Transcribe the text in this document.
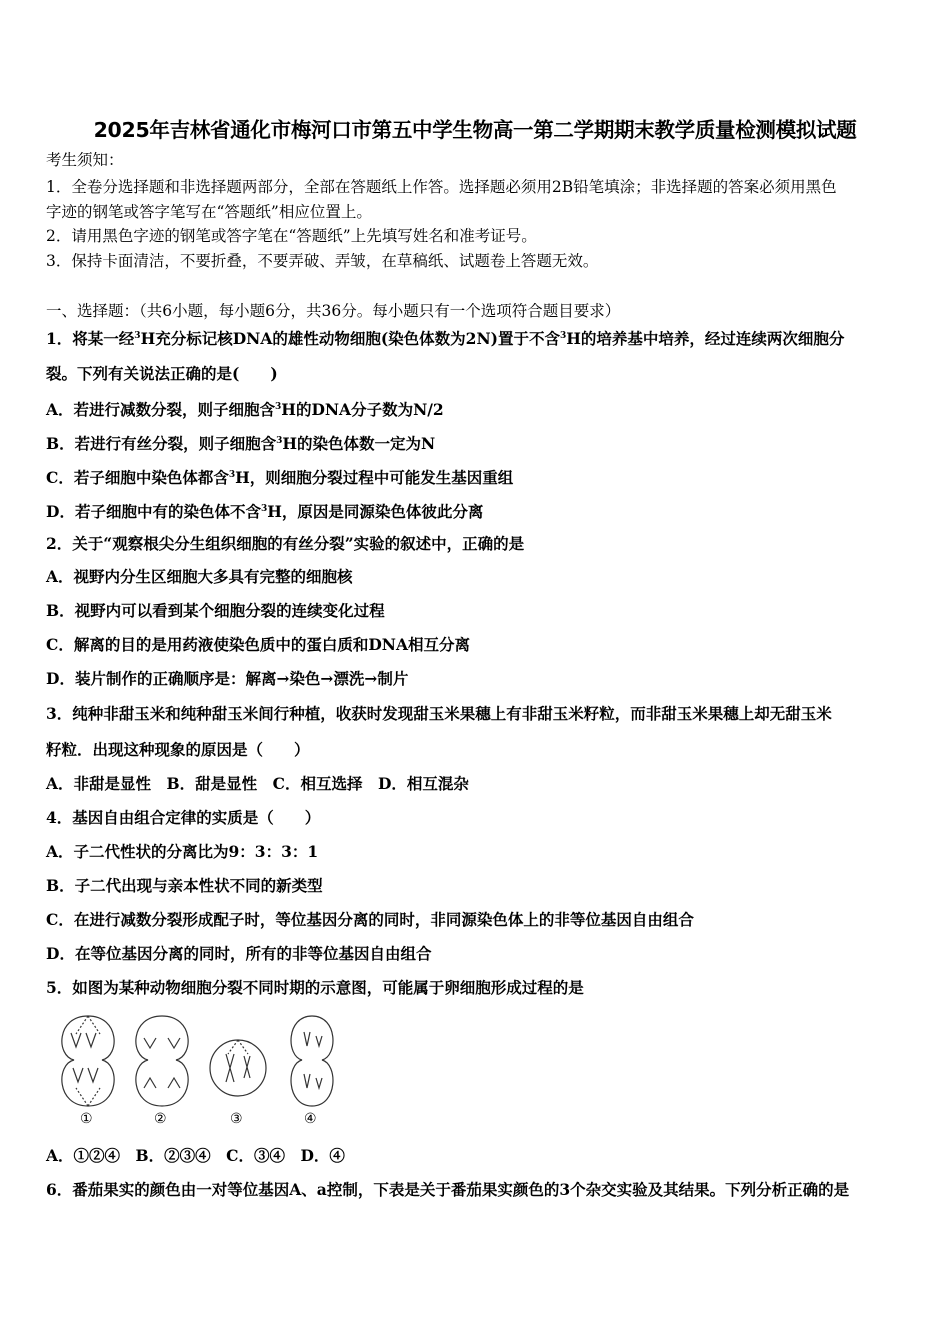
2025年吉林省通化市梅河口市第五中学生物高一第二学期期末教学质量检测模拟试题
考生须知：
1．全卷分选择题和非选择题两部分，全部在答题纸上作答。选择题必须用2B铅笔填涂；非选择题的答案必须用黑色
字迹的钢笔或答字笔写在“答题纸”相应位置上。
2．请用黑色字迹的钢笔或答字笔在“答题纸”上先填写姓名和准考证号。
3．保持卡面清洁，不要折叠，不要弄破、弄皱，在草稿纸、试题卷上答题无效。
一、选择题：（共6小题，每小题6分，共36分。每小题只有一个选项符合题目要求）
1．将某一经$^3$H充分标记核DNA的雄性动物细胞(染色体数为2N)置于不含$^3$H的培养基中培养，经过连续两次细胞分
裂。下列有关说法正确的是(　　)
A．若进行减数分裂，则子细胞含$^3$H的DNA分子数为N/2
B．若进行有丝分裂，则子细胞含$^3$H的染色体数一定为N
C．若子细胞中染色体都含$^3$H，则细胞分裂过程中可能发生基因重组
D．若子细胞中有的染色体不含$^3$H，原因是同源染色体彼此分离
2．关于“观察根尖分生组织细胞的有丝分裂”实验的叙述中，正确的是
A．视野内分生区细胞大多具有完整的细胞核
B．视野内可以看到某个细胞分裂的连续变化过程
C．解离的目的是用药液使染色质中的蛋白质和DNA相互分离
D．装片制作的正确顺序是：解离→染色→漂洗→制片
3．纯种非甜玉米和纯种甜玉米间行种植，收获时发现甜玉米果穗上有非甜玉米籽粒，而非甜玉米果穗上却无甜玉米
籽粒．出现这种现象的原因是（　　）
A．非甜是显性　B．甜是显性　C．相互选择　D．相互混杂
4．基因自由组合定律的实质是（　　）
A．子二代性状的分离比为9：3：3：1
B．子二代出现与亲本性状不同的新类型
C．在进行减数分裂形成配子时，等位基因分离的同时，非同源染色体上的非等位基因自由组合
D．在等位基因分离的同时，所有的非等位基因自由组合
5．如图为某种动物细胞分裂不同时期的示意图，可能属于卵细胞形成过程的是
①	②	③	④
A．①②④　B．②③④　C．③④　D．④
6．番茄果实的颜色由一对等位基因A、a控制，下表是关于番茄果实颜色的3个杂交实验及其结果。下列分析正确的是
